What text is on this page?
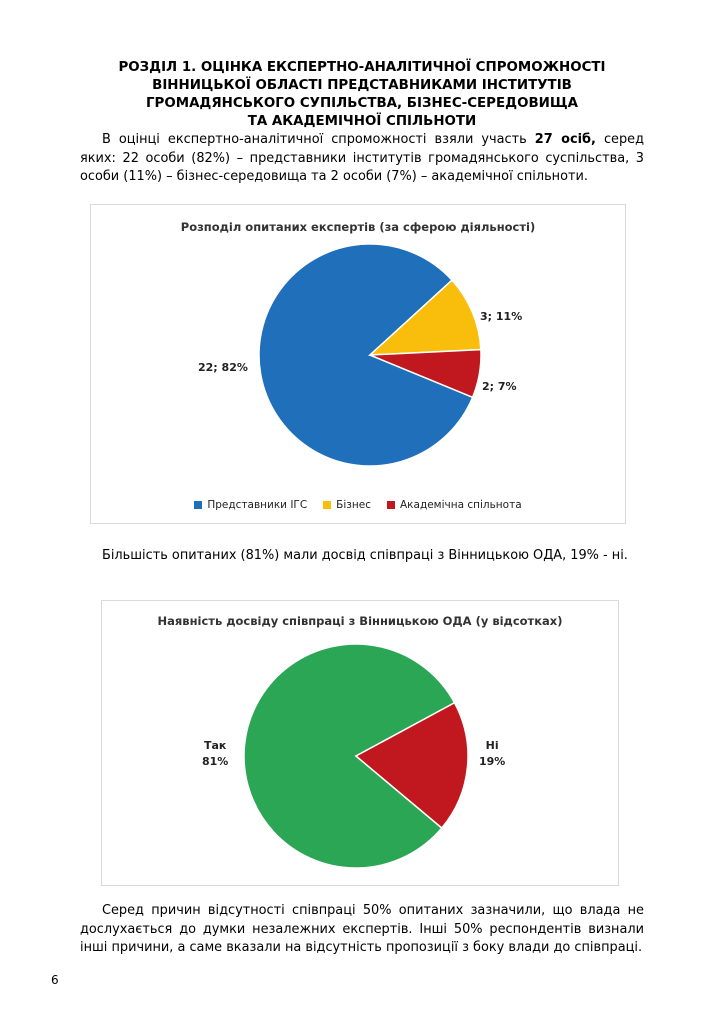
РОЗДІЛ 1. ОЦІНКА ЕКСПЕРТНО-АНАЛІТИЧНОЇ СПРОМОЖНОСТІ
ВІННИЦЬКОЇ ОБЛАСТІ ПРЕДСТАВНИКАМИ ІНСТИТУТІВ
ГРОМАДЯНСЬКОГО СУПІЛЬСТВА, БІЗНЕС-СЕРЕДОВИЩА
ТА АКАДЕМІЧНОЇ СПІЛЬНОТИ

В оцінці експертно-аналітичної спроможності взяли участь 27 осіб, серед яких: 22 особи (82%) – представники інститутів громадянського суспільства, 3 особи (11%) – бізнес-середовища та 2 особи (7%) – академічної спільноти.

Розподіл опитаних експертів (за сферою діяльності)
22; 82%
3; 11%
2; 7%
Представники ІГС	Бізнес	Академічна спільнота

Більшість опитаних (81%) мали досвід співпраці з Вінницькою ОДА, 19% - ні.

Наявність досвіду співпраці з Вінницькою ОДА (у відсотках)
Так
81%
Ні
19%

Серед причин відсутності співпраці 50% опитаних зазначили, що влада не дослухається до думки незалежних експертів. Інші 50% респондентів визнали інші причини, а саме вказали на відсутність пропозиції з боку влади до співпраці.

6
